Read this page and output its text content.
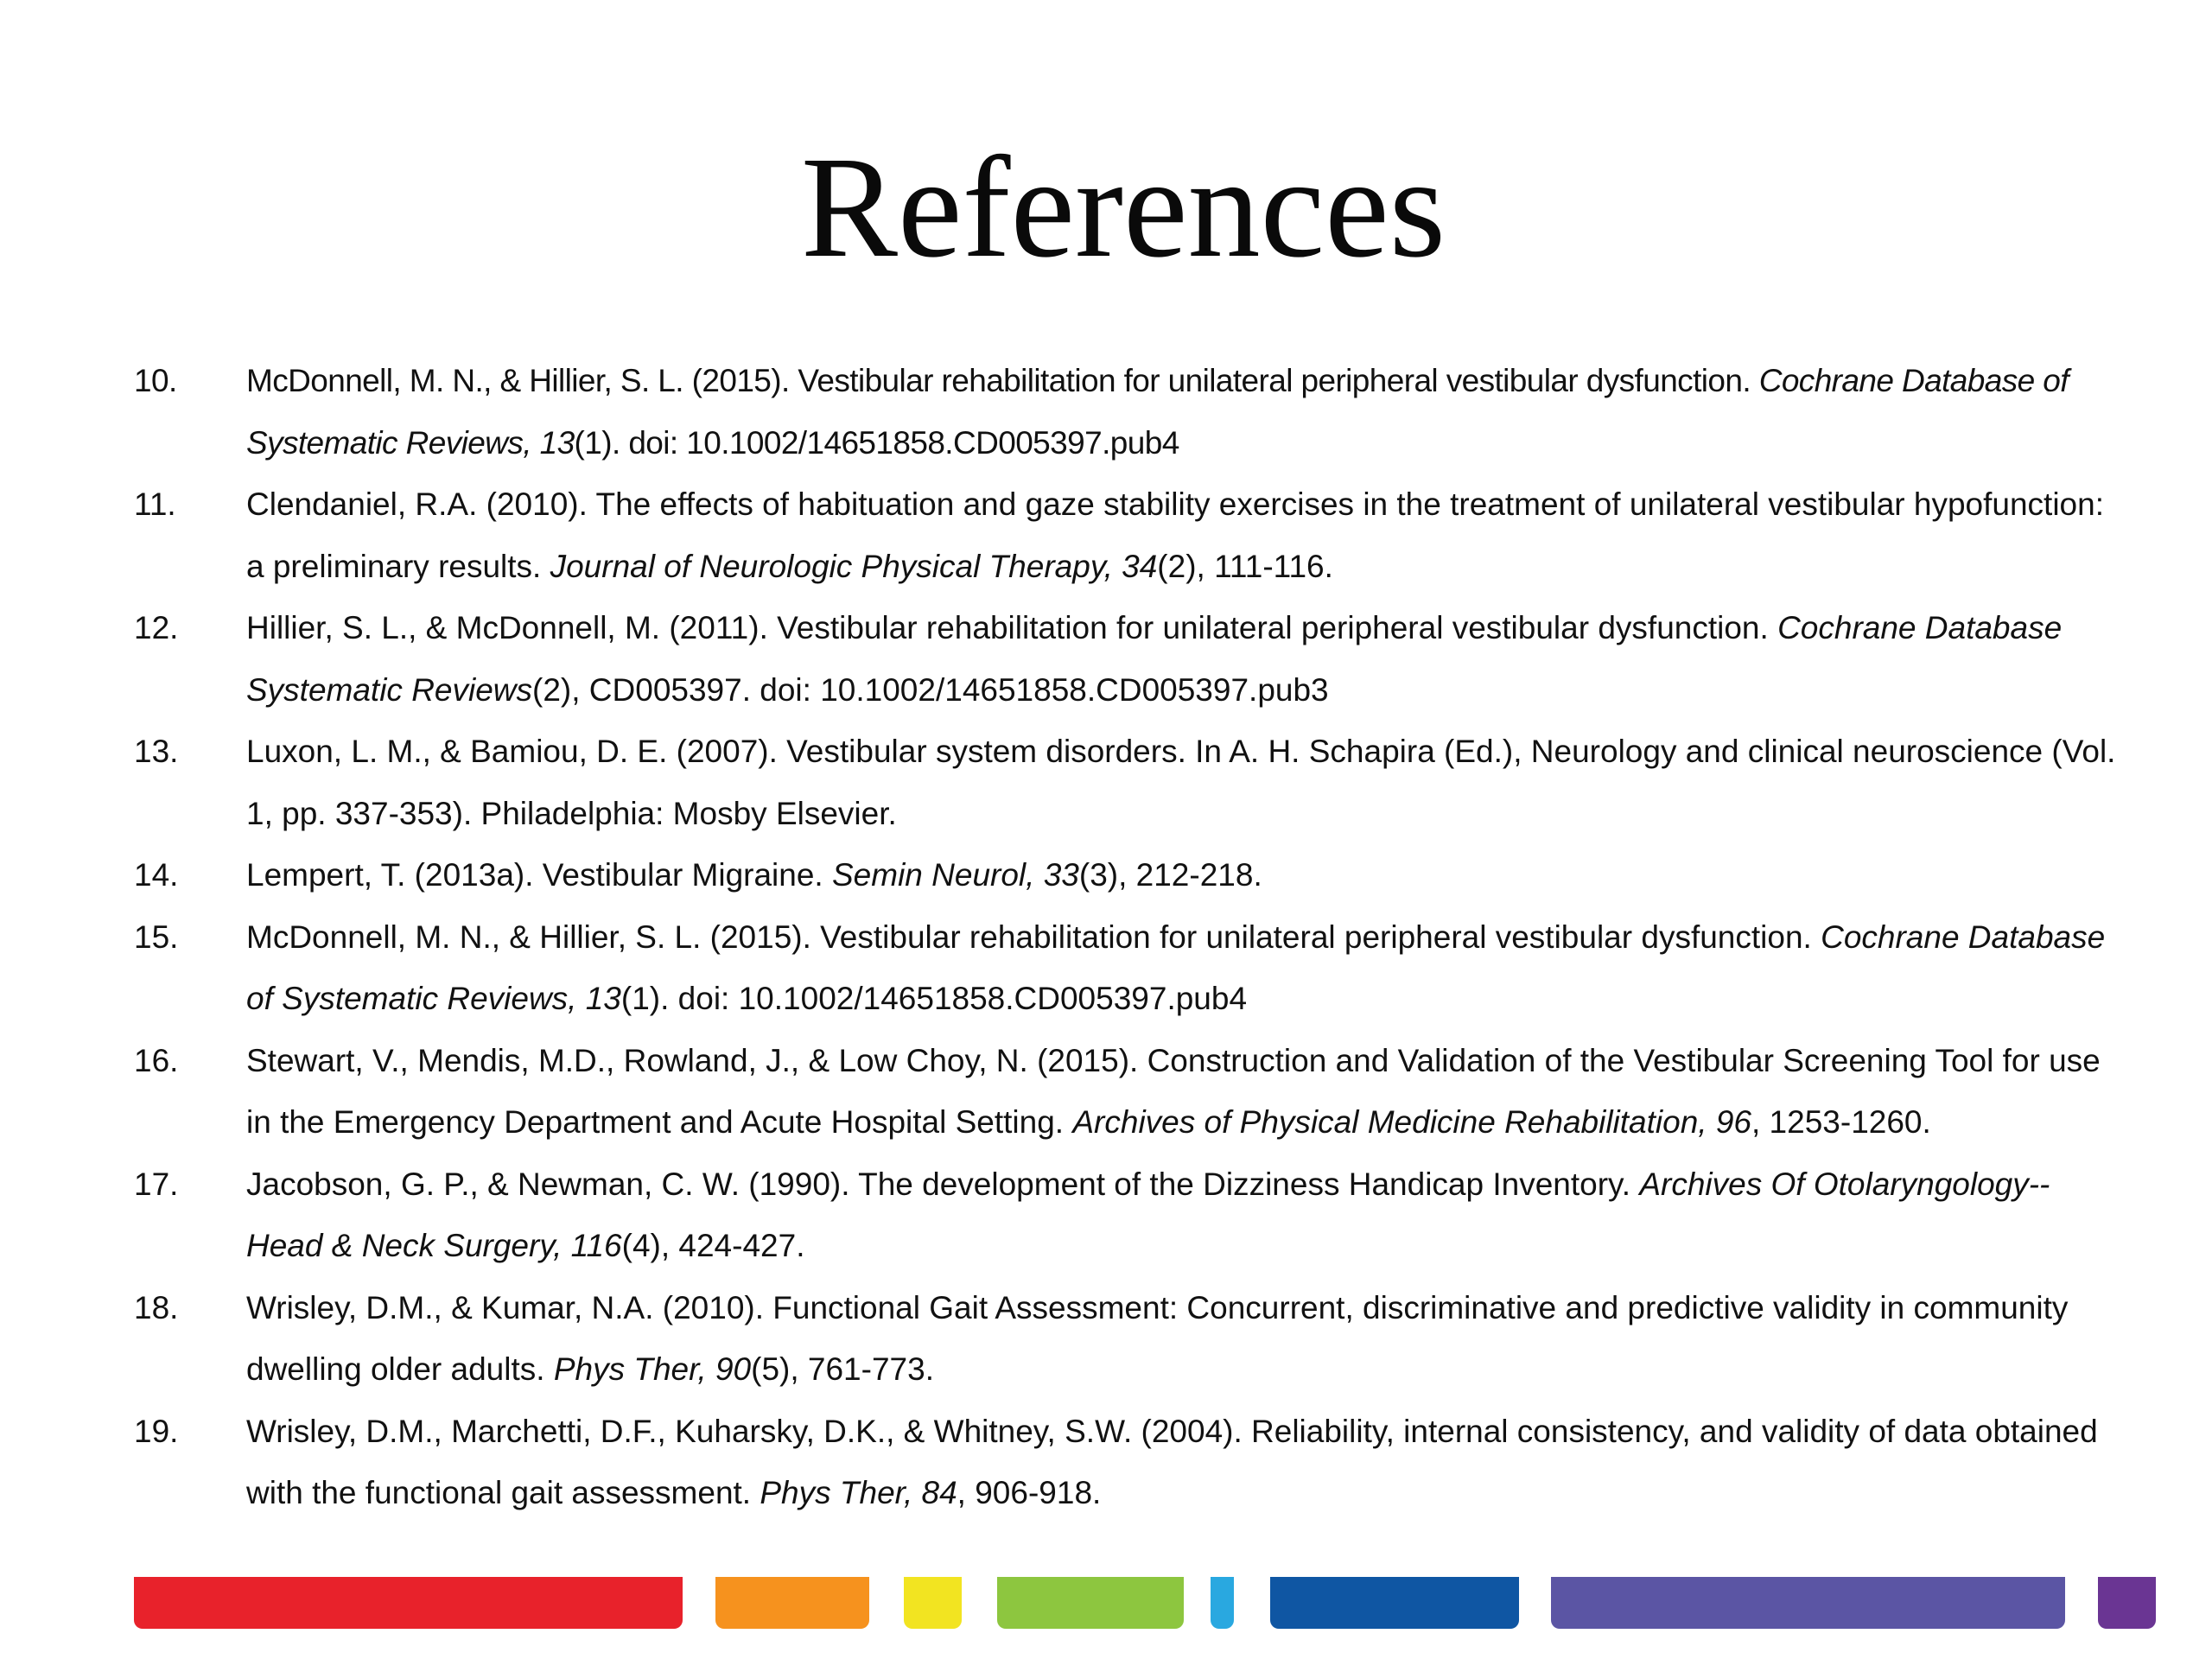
References
10.	McDonnell, M. N., & Hillier, S. L. (2015). Vestibular rehabilitation for unilateral peripheral vestibular dysfunction. Cochrane Database of Systematic Reviews, 13(1). doi: 10.1002/14651858.CD005397.pub4
11.	Clendaniel, R.A. (2010). The effects of habituation and gaze stability exercises in the treatment of unilateral vestibular hypofunction: a preliminary results. Journal of Neurologic Physical Therapy, 34(2), 111-116.
12.	Hillier, S. L., & McDonnell, M. (2011). Vestibular rehabilitation for unilateral peripheral vestibular dysfunction. Cochrane Database Systematic Reviews(2), CD005397. doi: 10.1002/14651858.CD005397.pub3
13.	Luxon, L. M., & Bamiou, D. E. (2007). Vestibular system disorders. In A. H. Schapira (Ed.), Neurology and clinical neuroscience (Vol. 1, pp. 337-353). Philadelphia: Mosby Elsevier.
14.	Lempert, T. (2013a). Vestibular Migraine. Semin Neurol, 33(3), 212-218.
15.	McDonnell, M. N., & Hillier, S. L. (2015). Vestibular rehabilitation for unilateral peripheral vestibular dysfunction. Cochrane Database of Systematic Reviews, 13(1). doi: 10.1002/14651858.CD005397.pub4
16.	Stewart, V., Mendis, M.D., Rowland, J., & Low Choy, N. (2015). Construction and Validation of the Vestibular Screening Tool for use in the Emergency Department and Acute Hospital Setting. Archives of Physical Medicine Rehabilitation, 96, 1253-1260.
17.	Jacobson, G. P., & Newman, C. W. (1990). The development of the Dizziness Handicap Inventory. Archives Of Otolaryngology--Head & Neck Surgery, 116(4), 424-427.
18.	Wrisley, D.M., & Kumar, N.A. (2010). Functional Gait Assessment: Concurrent, discriminative and predictive validity in community dwelling older adults. Phys Ther, 90(5), 761-773.
19.	Wrisley, D.M., Marchetti, D.F., Kuharsky, D.K., & Whitney, S.W. (2004). Reliability, internal consistency, and validity of data obtained with the functional gait assessment. Phys Ther, 84, 906-918.
